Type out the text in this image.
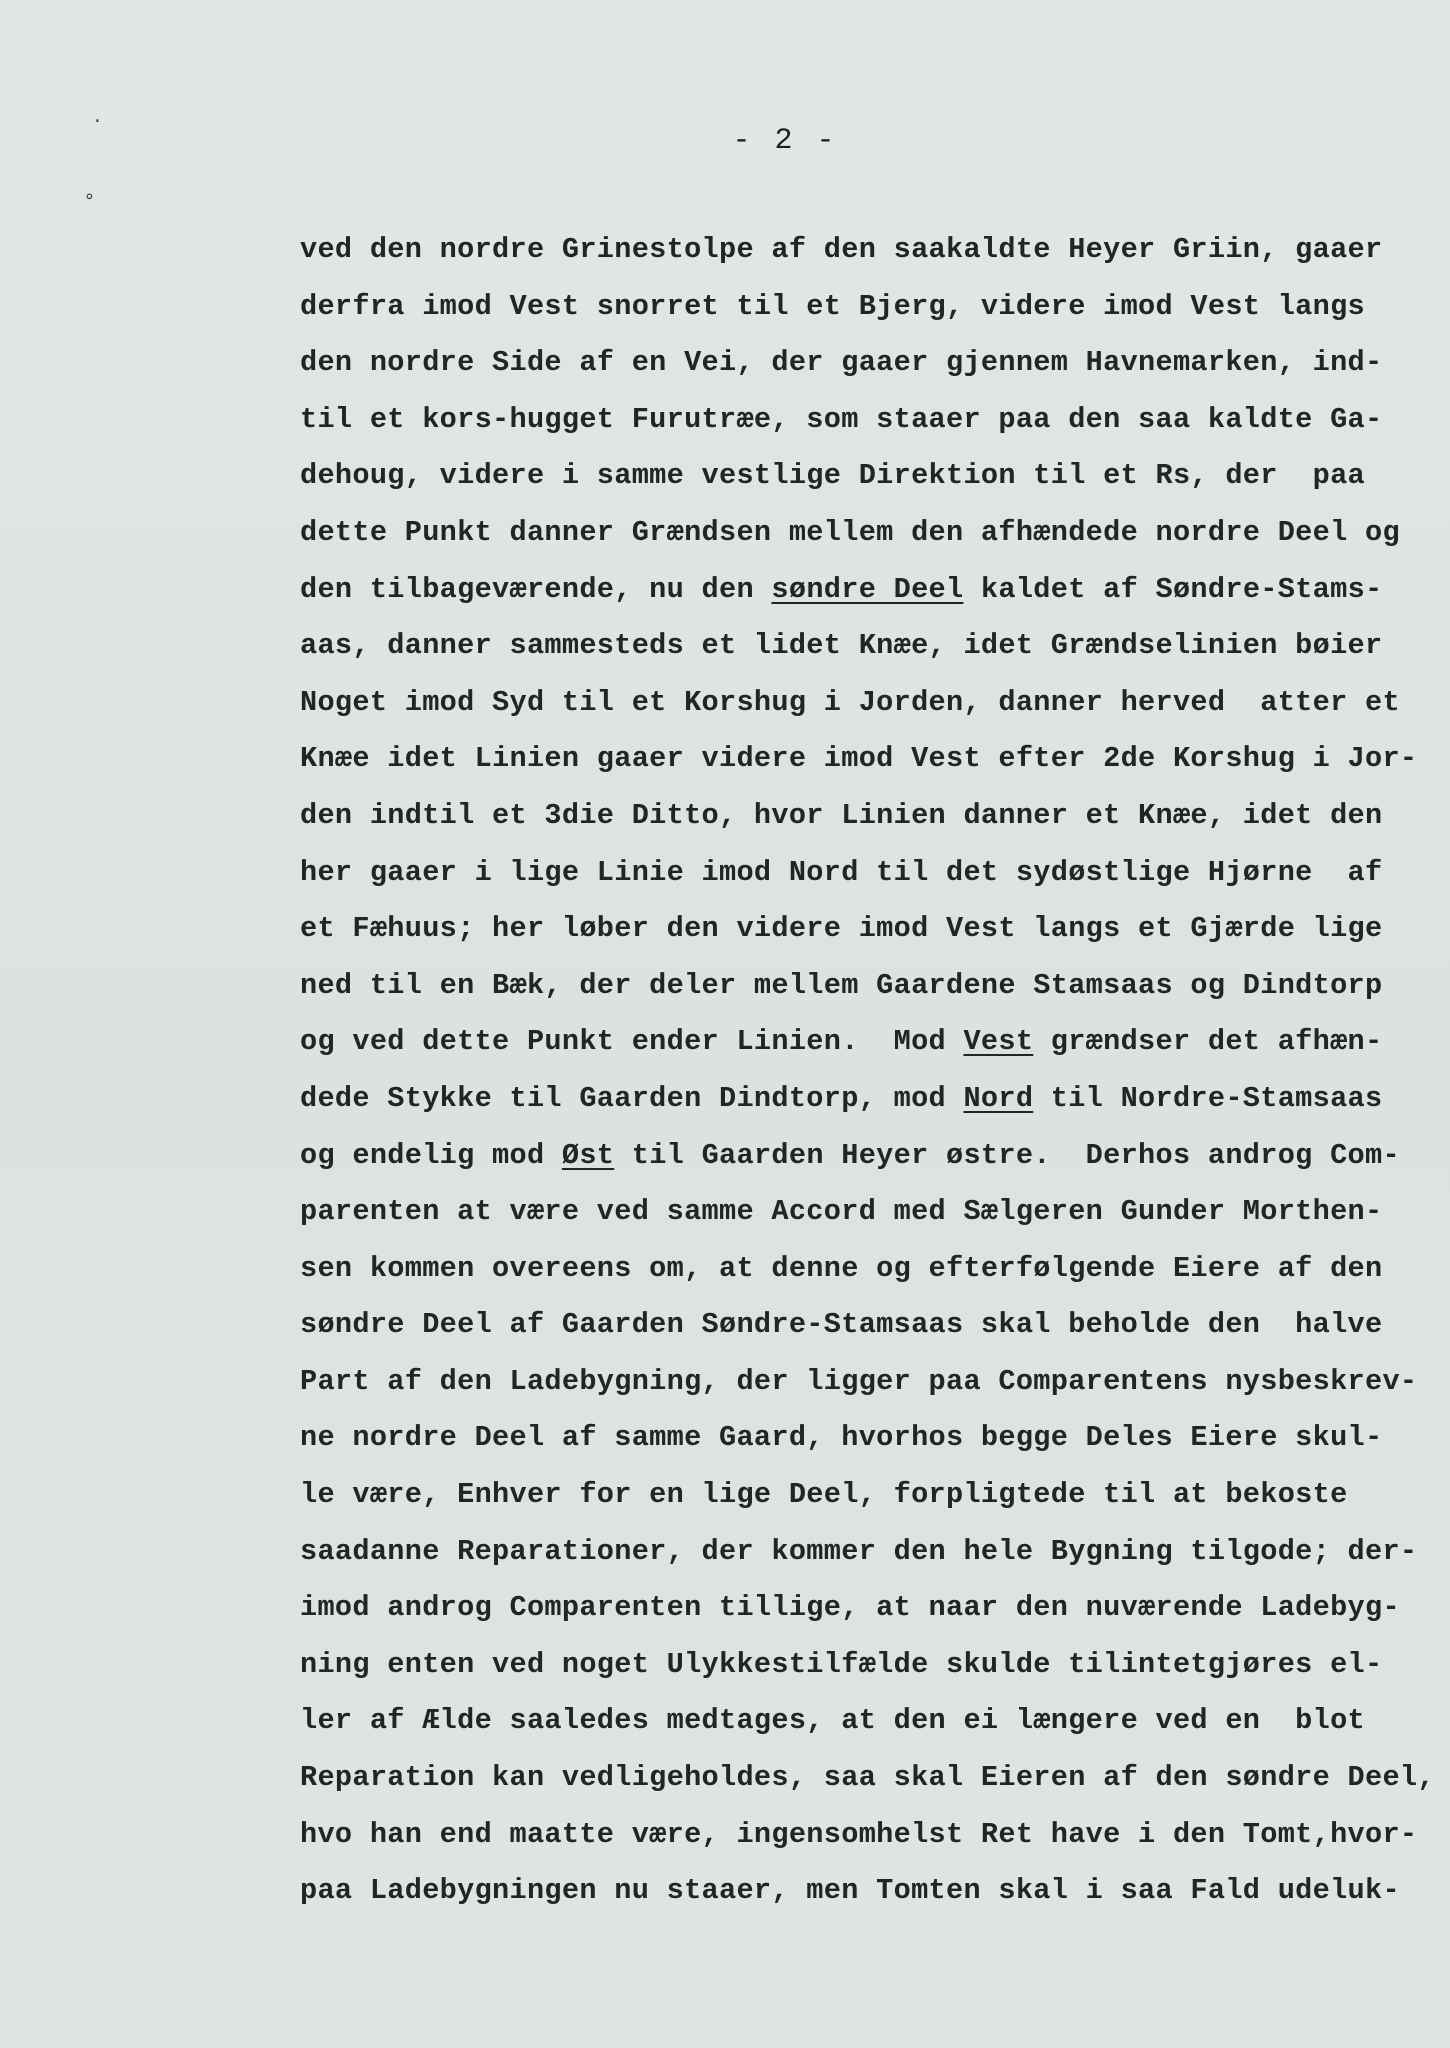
·
∘
- 2 -
ved den nordre Grinestolpe af den saakaldte Heyer Griin, gaaer
derfra imod Vest snorret til et Bjerg, videre imod Vest langs
den nordre Side af en Vei, der gaaer gjennem Havnemarken, ind-
til et kors-hugget Furutræe, som staaer paa den saa kaldte Ga-
dehoug, videre i samme vestlige Direktion til et Rs, der  paa
dette Punkt danner Grændsen mellem den afhændede nordre Deel og
den tilbageværende, nu den søndre Deel kaldet af Søndre-Stams-
aas, danner sammesteds et lidet Knæe, idet Grændselinien bøier
Noget imod Syd til et Korshug i Jorden, danner herved  atter et
Knæe idet Linien gaaer videre imod Vest efter 2de Korshug i Jor-
den indtil et 3die Ditto, hvor Linien danner et Knæe, idet den
her gaaer i lige Linie imod Nord til det sydøstlige Hjørne  af
et Fæhuus; her løber den videre imod Vest langs et Gjærde lige
ned til en Bæk, der deler mellem Gaardene Stamsaas og Dindtorp
og ved dette Punkt ender Linien.  Mod Vest grændser det afhæn-
dede Stykke til Gaarden Dindtorp, mod Nord til Nordre-Stamsaas
og endelig mod Øst til Gaarden Heyer østre.  Derhos androg Com-
parenten at være ved samme Accord med Sælgeren Gunder Morthen-
sen kommen overeens om, at denne og efterfølgende Eiere af den
søndre Deel af Gaarden Søndre-Stamsaas skal beholde den  halve
Part af den Ladebygning, der ligger paa Comparentens nysbeskrev-
ne nordre Deel af samme Gaard, hvorhos begge Deles Eiere skul-
le være, Enhver for en lige Deel, forpligtede til at bekoste
saadanne Reparationer, der kommer den hele Bygning tilgode; der-
imod androg Comparenten tillige, at naar den nuværende Ladebyg-
ning enten ved noget Ulykkestilfælde skulde tilintetgjøres el-
ler af Ælde saaledes medtages, at den ei længere ved en  blot
Reparation kan vedligeholdes, saa skal Eieren af den søndre Deel,
hvo han end maatte være, ingensomhelst Ret have i den Tomt,hvor-
paa Ladebygningen nu staaer, men Tomten skal i saa Fald udeluk-
